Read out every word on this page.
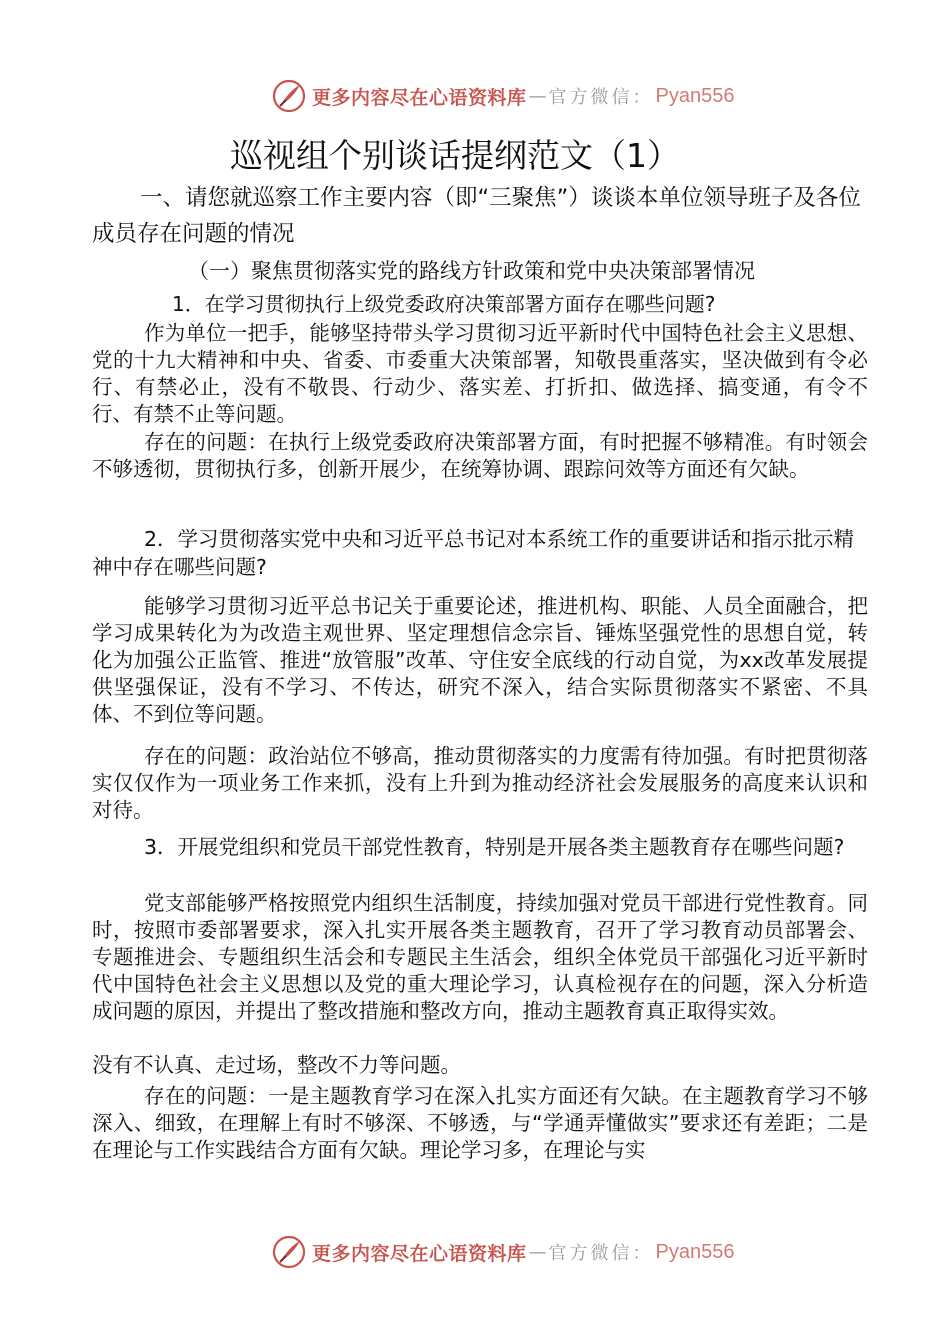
更多内容尽在心语资料库 — 官方微信： Pyan556
巡视组个别谈话提纲范文（1）
一、请您就巡察工作主要内容（即“三聚焦”）谈谈本单位领导班子及各位成员存在问题的情况
（一）聚焦贯彻落实党的路线方针政策和党中央决策部署情况
1．在学习贯彻执行上级党委政府决策部署方面存在哪些问题?
作为单位一把手，能够坚持带头学习贯彻习近平新时代中国特色社会主义思想、党的十九大精神和中央、省委、市委重大决策部署，知敬畏重落实，坚决做到有令必行、有禁必止，没有不敬畏、行动少、落实差、打折扣、做选择、搞变通，有令不行、有禁不止等问题。
存在的问题：在执行上级党委政府决策部署方面，有时把握不够精准。有时领会不够透彻，贯彻执行多，创新开展少，在统筹协调、跟踪问效等方面还有欠缺。
2．学习贯彻落实党中央和习近平总书记对本系统工作的重要讲话和指示批示精神中存在哪些问题?
能够学习贯彻习近平总书记关于重要论述，推进机构、职能、人员全面融合，把学习成果转化为为改造主观世界、坚定理想信念宗旨、锤炼坚强党性的思想自觉，转化为加强公正监管、推进“放管服”改革、守住安全底线的行动自觉，为xx改革发展提供坚强保证，没有不学习、不传达，研究不深入，结合实际贯彻落实不紧密、不具体、不到位等问题。
存在的问题：政治站位不够高，推动贯彻落实的力度需有待加强。有时把贯彻落实仅仅作为一项业务工作来抓，没有上升到为推动经济社会发展服务的高度来认识和对待。
3．开展党组织和党员干部党性教育，特别是开展各类主题教育存在哪些问题?
党支部能够严格按照党内组织生活制度，持续加强对党员干部进行党性教育。同时，按照市委部署要求，深入扎实开展各类主题教育，召开了学习教育动员部署会、专题推进会、专题组织生活会和专题民主生活会，组织全体党员干部强化习近平新时代中国特色社会主义思想以及党的重大理论学习，认真检视存在的问题，深入分析造成问题的原因，并提出了整改措施和整改方向，推动主题教育真正取得实效。
没有不认真、走过场，整改不力等问题。
存在的问题：一是主题教育学习在深入扎实方面还有欠缺。在主题教育学习不够深入、细致，在理解上有时不够深、不够透，与“学通弄懂做实”要求还有差距；二是在理论与工作实践结合方面有欠缺。理论学习多，在理论与实
更多内容尽在心语资料库 — 官方微信： Pyan556
